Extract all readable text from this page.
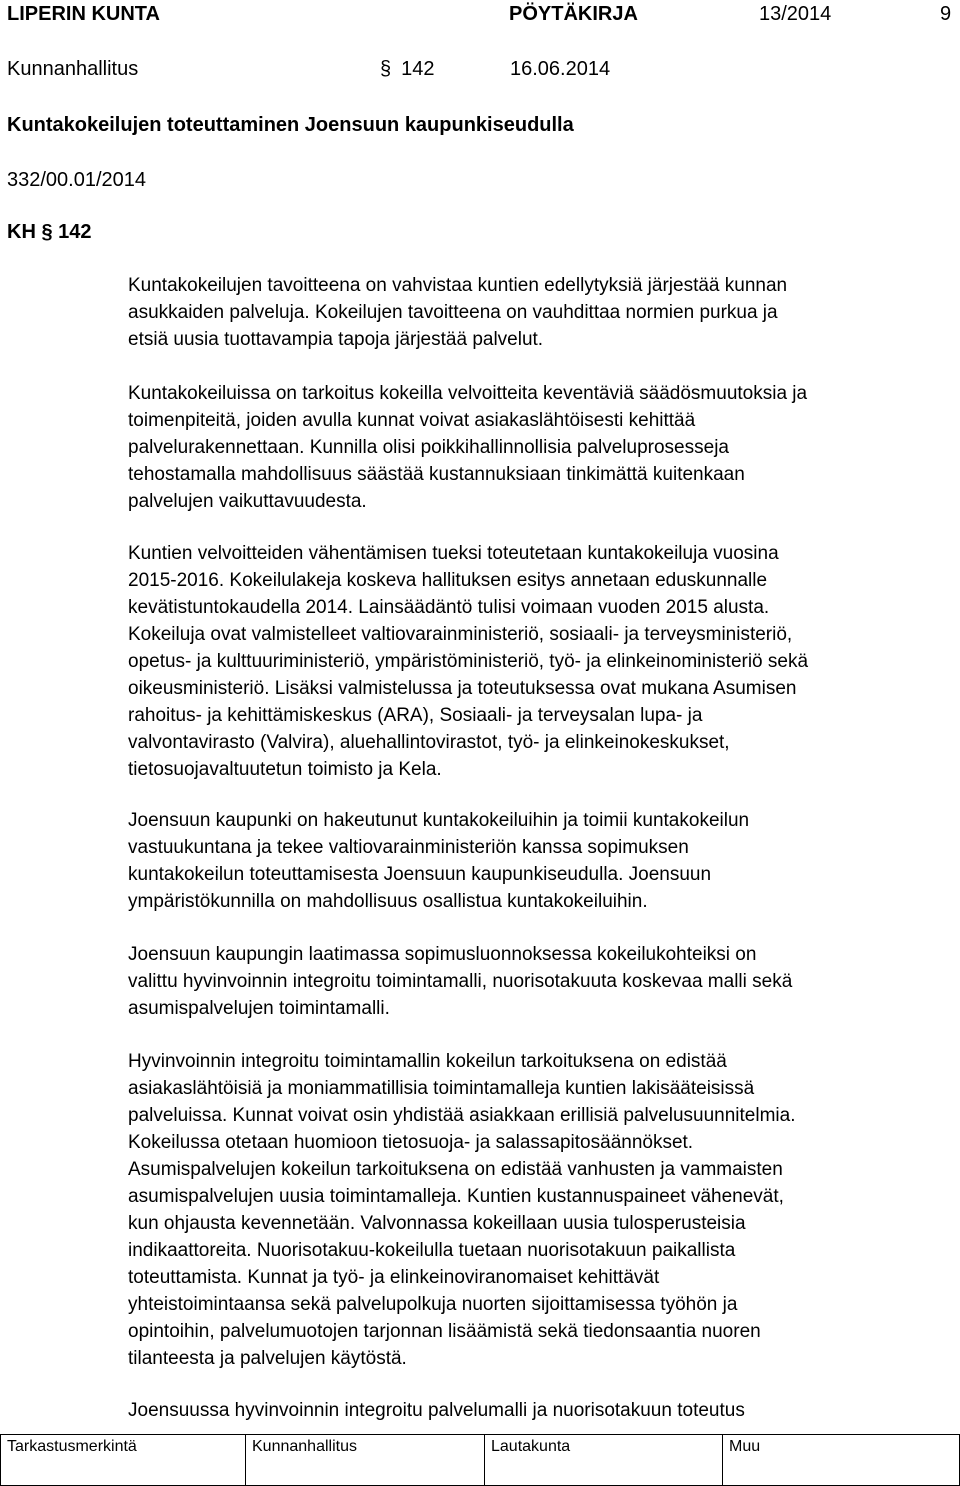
LIPERIN KUNTA	PÖYTÄKIRJA	13/2014	9
Kunnanhallitus	§ 142	16.06.2014
Kuntakokeilujen toteuttaminen Joensuun kaupunkiseudulla
332/00.01/2014
KH § 142

Kuntakokeilujen tavoitteena on vahvistaa kuntien edellytyksiä järjestää kunnan

asukkaiden palveluja. Kokeilujen tavoitteena on vauhdittaa normien purkua ja

etsiä uusia tuottavampia tapoja järjestää palvelut.

Kuntakokeiluissa on tarkoitus kokeilla velvoitteita keventäviä säädösmuutoksia ja

toimenpiteitä, joiden avulla kunnat voivat asiakaslähtöisesti kehittää

palvelurakennettaan. Kunnilla olisi poikkihallinnollisia palveluprosesseja

tehostamalla mahdollisuus säästää kustannuksiaan tinkimättä kuitenkaan

palvelujen vaikuttavuudesta.

Kuntien velvoitteiden vähentämisen tueksi toteutetaan kuntakokeiluja vuosina

2015-2016. Kokeilulakeja koskeva hallituksen esitys annetaan eduskunnalle

kevätistuntokaudella 2014. Lainsäädäntö tulisi voimaan vuoden 2015 alusta.

Kokeiluja ovat valmistelleet valtiovarainministeriö, sosiaali- ja terveysministeriö,

opetus- ja kulttuuriministeriö, ympäristöministeriö, työ- ja elinkeinoministeriö sekä

oikeusministeriö. Lisäksi valmistelussa ja toteutuksessa ovat mukana Asumisen

rahoitus- ja kehittämiskeskus (ARA), Sosiaali- ja terveysalan lupa- ja

valvontavirasto (Valvira), aluehallintovirastot, työ- ja elinkeinokeskukset,

tietosuojavaltuutetun toimisto ja Kela.

Joensuun kaupunki on hakeutunut kuntakokeiluihin ja toimii kuntakokeilun

vastuukuntana ja tekee valtiovarainministeriön kanssa sopimuksen

kuntakokeilun toteuttamisesta Joensuun kaupunkiseudulla. Joensuun

ympäristökunnilla on mahdollisuus osallistua kuntakokeiluihin.

Joensuun kaupungin laatimassa sopimusluonnoksessa kokeilukohteiksi on

valittu hyvinvoinnin integroitu toimintamalli, nuorisotakuuta koskevaa malli sekä

asumispalvelujen toimintamalli.

Hyvinvoinnin integroitu toimintamallin kokeilun tarkoituksena on edistää

asiakaslähtöisiä ja moniammatillisia toimintamalleja kuntien lakisääteisissä

palveluissa. Kunnat voivat osin yhdistää asiakkaan erillisiä palvelusuunnitelmia.

Kokeilussa otetaan huomioon tietosuoja- ja salassapitosäännökset.

Asumispalvelujen kokeilun tarkoituksena on edistää vanhusten ja vammaisten

asumispalvelujen uusia toimintamalleja. Kuntien kustannuspaineet vähenevät,

kun ohjausta kevennetään. Valvonnassa kokeillaan uusia tulosperusteisia

indikaattoreita. Nuorisotakuu-kokeilulla tuetaan nuorisotakuun paikallista

toteuttamista. Kunnat ja työ- ja elinkeinoviranomaiset kehittävät

yhteistoimintaansa sekä palvelupolkuja nuorten sijoittamisessa työhön ja

opintoihin, palvelumuotojen tarjonnan lisäämistä sekä tiedonsaantia nuoren

tilanteesta ja palvelujen käytöstä.

Joensuussa hyvinvoinnin integroitu palvelumalli ja nuorisotakuun toteutus

Tarkastusmerkintä	Kunnanhallitus	Lautakunta	Muu
